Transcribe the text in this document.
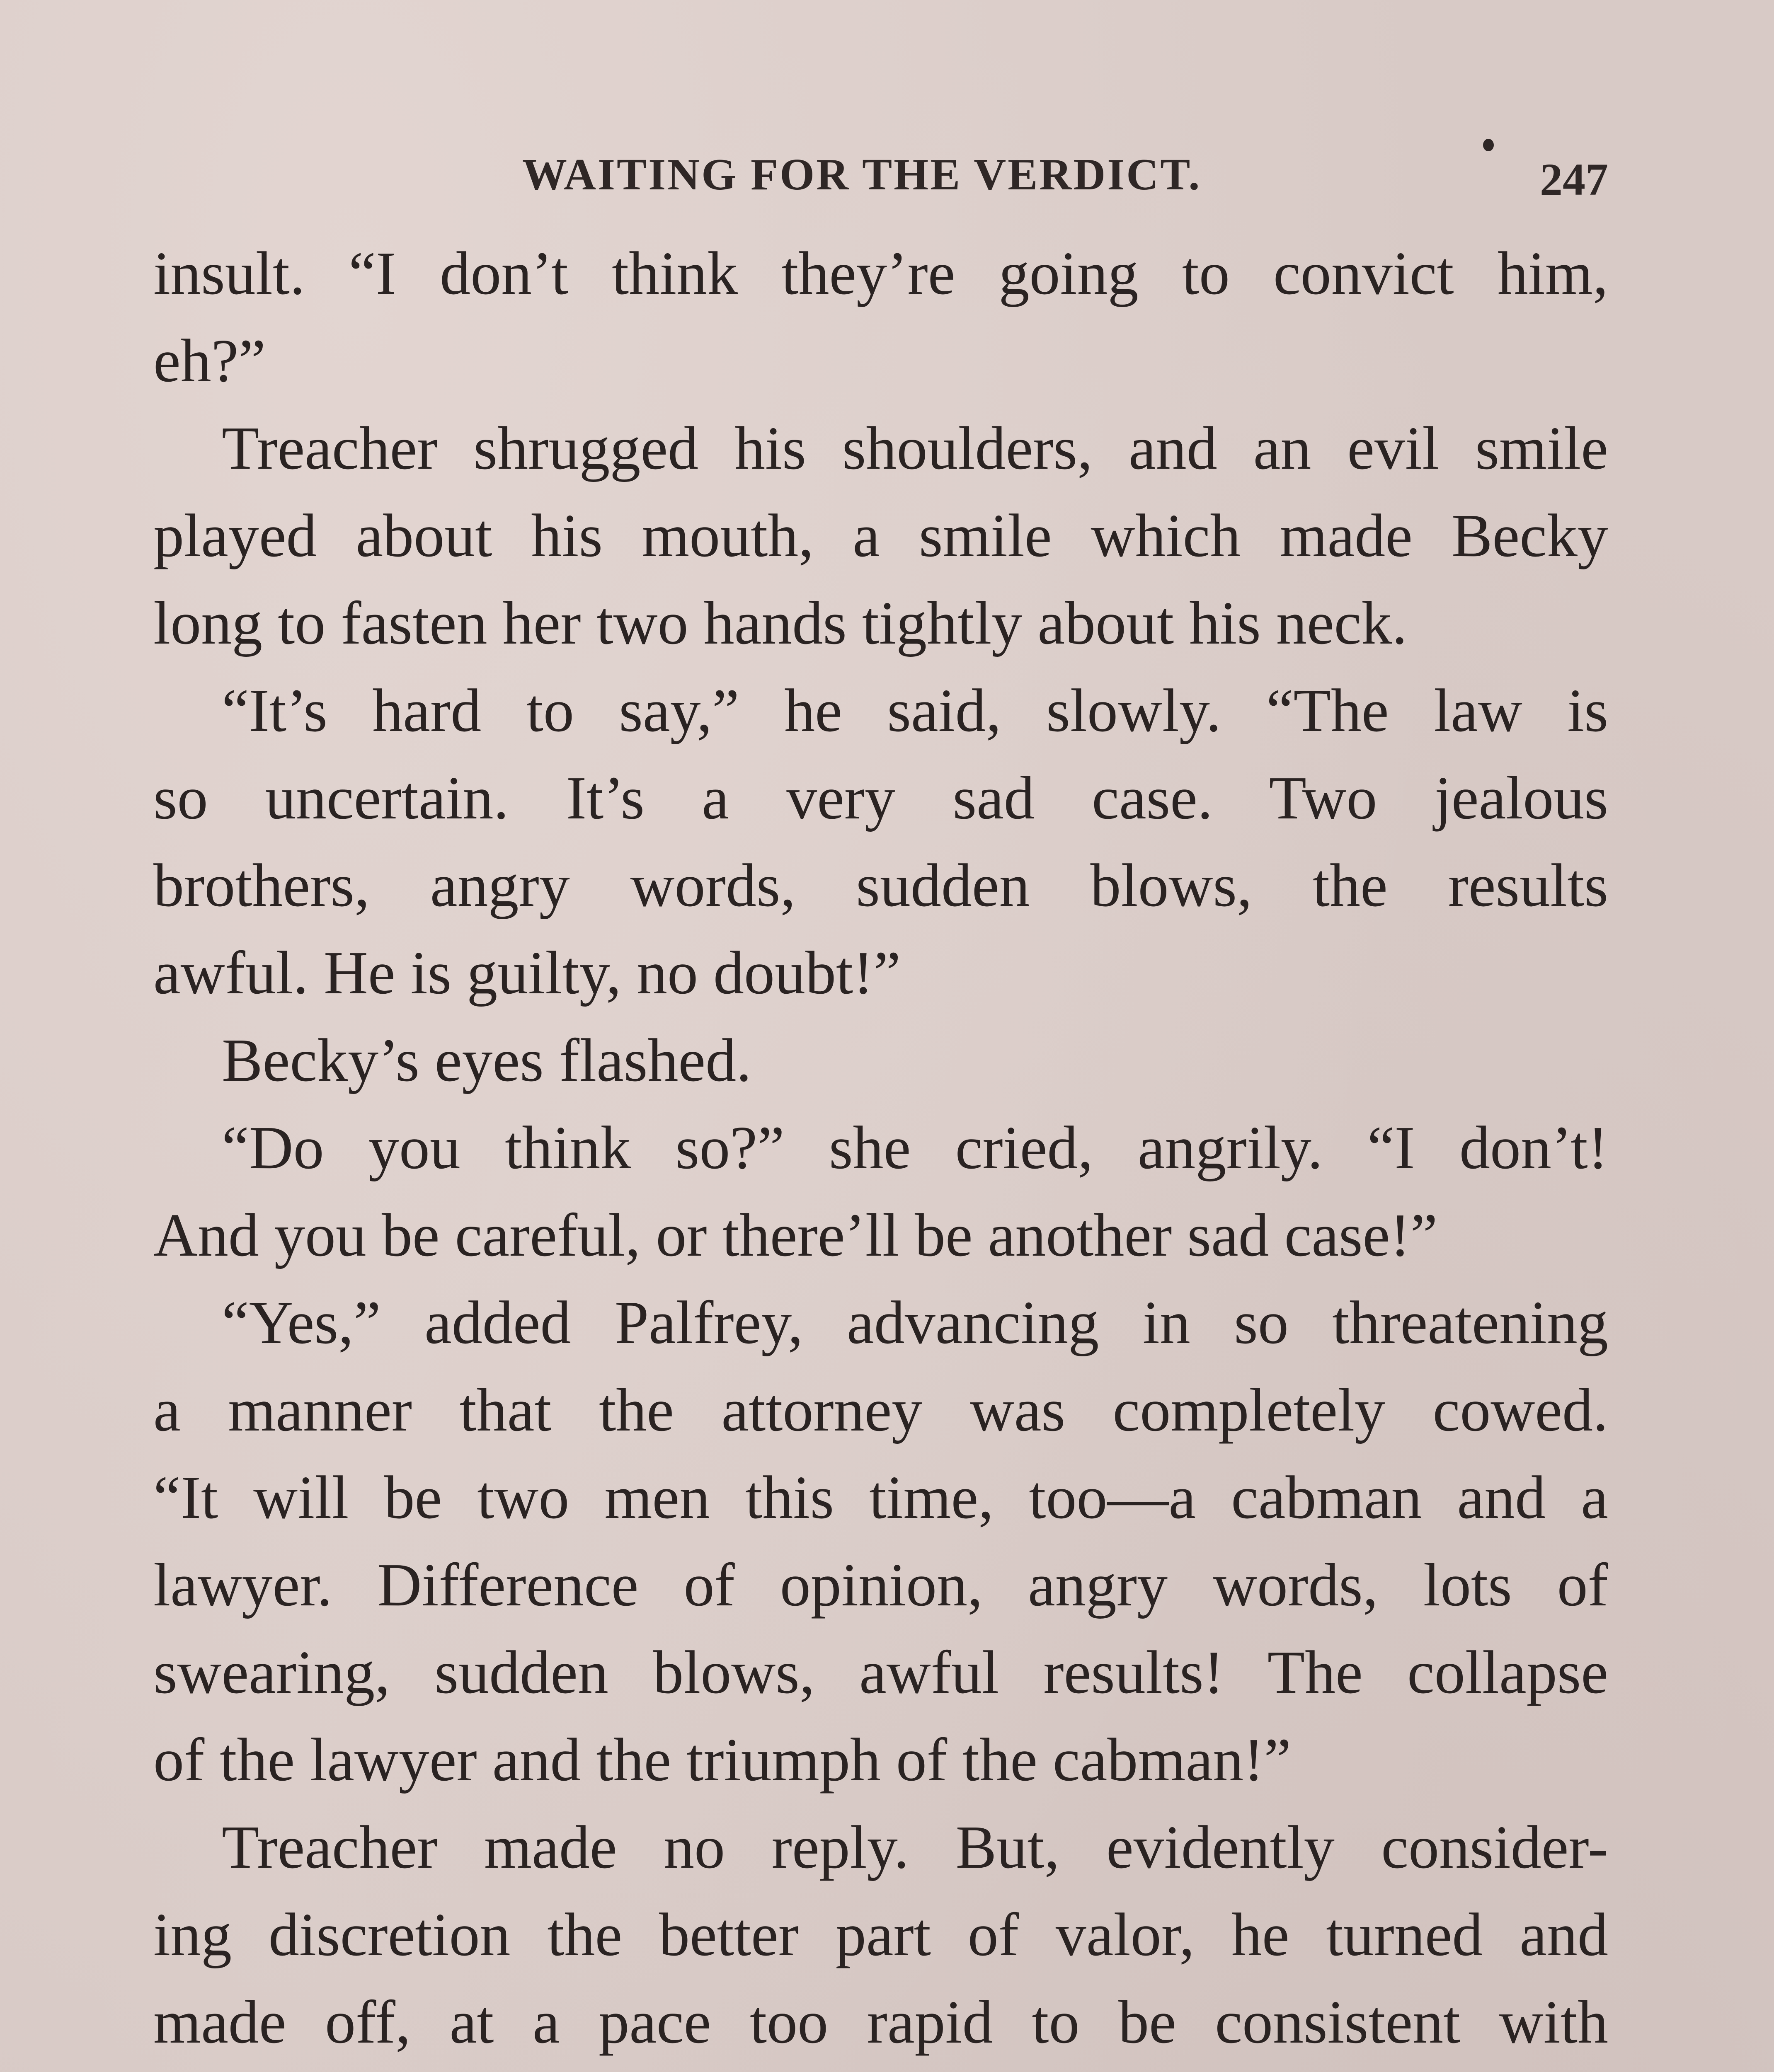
WAITING FOR THE VERDICT.	247
insult. “I don’t think they’re going to convict him,
eh?”
Treacher shrugged his shoulders, and an evil smile
played about his mouth, a smile which made Becky
long to fasten her two hands tightly about his neck.
“It’s hard to say,” he said, slowly. “The law is
so uncertain. It’s a very sad case. Two jealous
brothers, angry words, sudden blows, the results
awful. He is guilty, no doubt!”
Becky’s eyes flashed.
“Do you think so?” she cried, angrily. “I don’t!
And you be careful, or there’ll be another sad case!”
“Yes,” added Palfrey, advancing in so threatening
a manner that the attorney was completely cowed.
“It will be two men this time, too—a cabman and a
lawyer. Difference of opinion, angry words, lots of
swearing, sudden blows, awful results! The collapse
of the lawyer and the triumph of the cabman!”
Treacher made no reply. But, evidently consider-
ing discretion the better part of valor, he turned and
made off, at a pace too rapid to be consistent with
